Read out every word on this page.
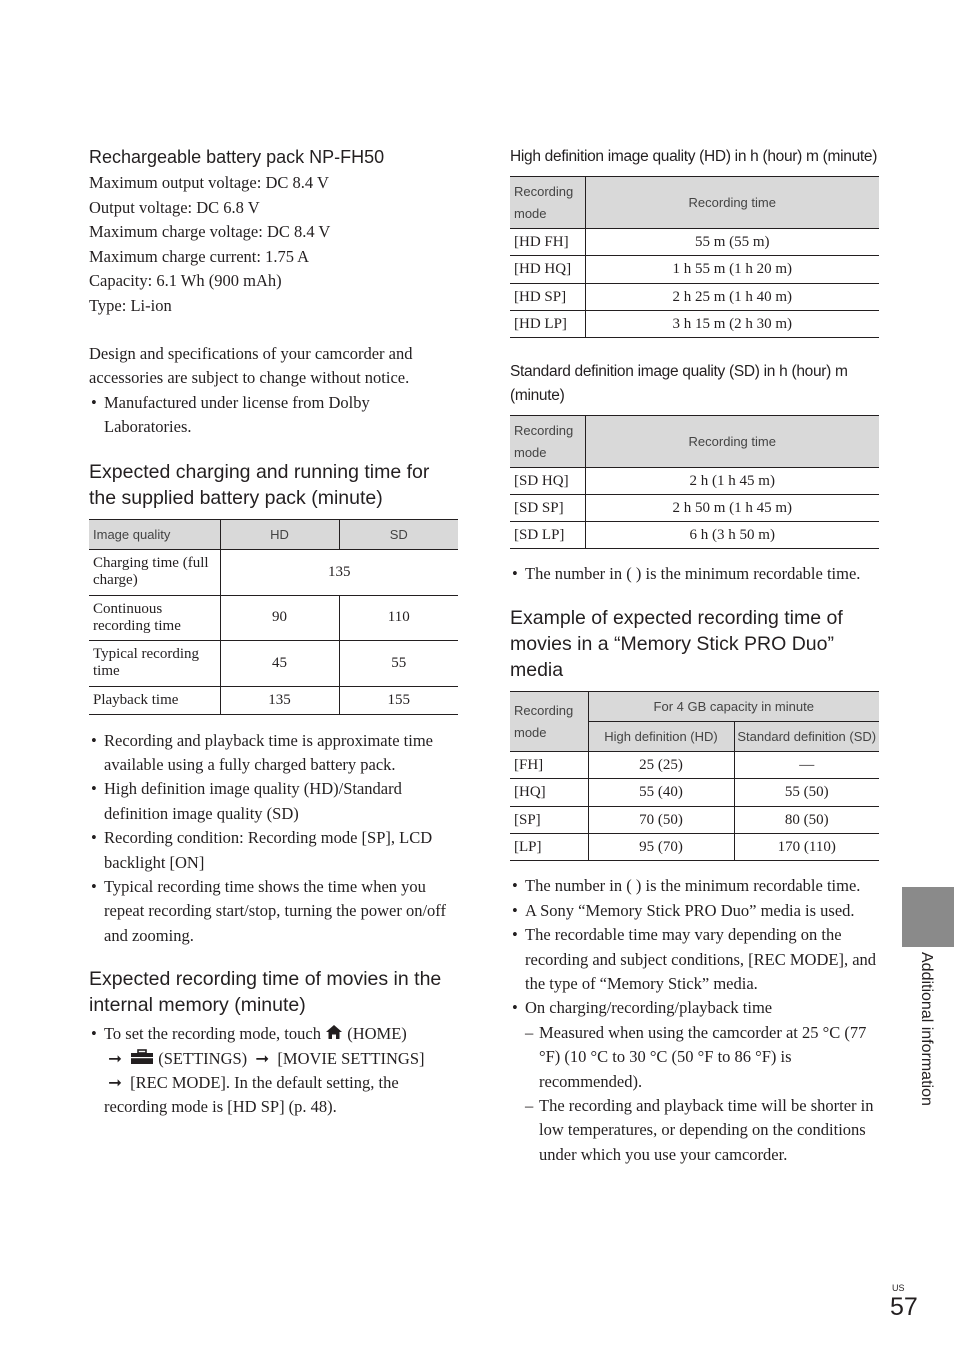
Rechargeable battery pack NP-FH50
Maximum output voltage: DC 8.4 V
Output voltage: DC 6.8 V
Maximum charge voltage: DC 8.4 V
Maximum charge current: 1.75 A
Capacity: 6.1 Wh (900 mAh)
Type: Li-ion
Design and specifications of your camcorder and accessories are subject to change without notice.
• Manufactured under license from Dolby Laboratories.
Expected charging and running time for the supplied battery pack (minute)
Image quality	HD	SD
Charging time (full charge)	135	
Continuous recording time	90	110
Typical recording time	45	55
Playback time	135	155
• Recording and playback time is approximate time available using a fully charged battery pack.
• High definition image quality (HD)/Standard definition image quality (SD)
• Recording condition: Recording mode [SP], LCD backlight [ON]
• Typical recording time shows the time when you repeat recording start/stop, turning the power on/off and zooming.
Expected recording time of movies in the internal memory (minute)
• To set the recording mode, touch (HOME)
➞ (SETTINGS) ➞ [MOVIE SETTINGS]
➞ [REC MODE]. In the default setting, the recording mode is [HD SP] (p. 48).
High definition image quality (HD) in h (hour) m (minute)
Recording mode	Recording time
[HD FH]	55 m (55 m)
[HD HQ]	1 h 55 m (1 h 20 m)
[HD SP]	2 h 25 m (1 h 40 m)
[HD LP]	3 h 15 m (2 h 30 m)
Standard definition image quality (SD) in h (hour) m (minute)
Recording mode	Recording time
[SD HQ]	2 h (1 h 45 m)
[SD SP]	2 h 50 m (1 h 45 m)
[SD LP]	6 h (3 h 50 m)
• The number in ( ) is the minimum recordable time.
Example of expected recording time of movies in a “Memory Stick PRO Duo” media
Recording mode	For 4 GB capacity in minute	
	High definition (HD)	Standard definition (SD)
[FH]	25 (25)	—
[HQ]	55 (40)	55 (50)
[SP]	70 (50)	80 (50)
[LP]	95 (70)	170 (110)
• The number in ( ) is the minimum recordable time.
• A Sony “Memory Stick PRO Duo” media is used.
• The recordable time may vary depending on the recording and subject conditions, [REC MODE], and the type of “Memory Stick” media.
• On charging/recording/playback time
– Measured when using the camcorder at 25 °C (77 °F) (10 °C to 30 °C (50 °F to 86 °F) is recommended).
– The recording and playback time will be shorter in low temperatures, or depending on the conditions under which you use your camcorder.
Additional information
US
57
